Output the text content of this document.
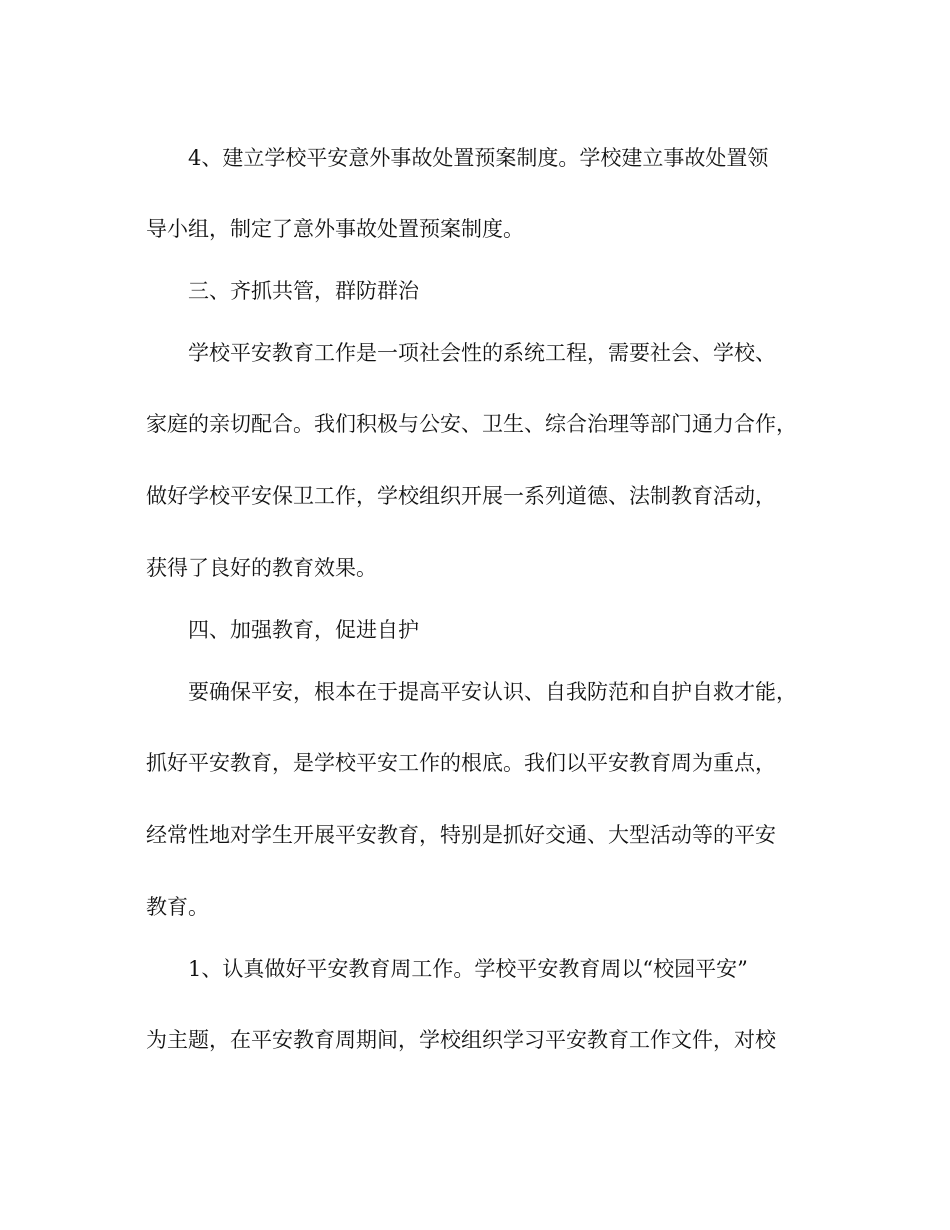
4、建立学校平安意外事故处置预案制度。学校建立事故处置领
导小组，制定了意外事故处置预案制度。
三、齐抓共管，群防群治
学校平安教育工作是一项社会性的系统工程，需要社会、学校、
家庭的亲切配合。我们积极与公安、卫生、综合治理等部门通力合作，
做好学校平安保卫工作，学校组织开展一系列道德、法制教育活动，
获得了良好的教育效果。
四、加强教育，促进自护
要确保平安，根本在于提高平安认识、自我防范和自护自救才能，
抓好平安教育，是学校平安工作的根底。我们以平安教育周为重点，
经常性地对学生开展平安教育，特别是抓好交通、大型活动等的平安
教育。
1、认真做好平安教育周工作。学校平安教育周以“校园平安”
为主题，在平安教育周期间，学校组织学习平安教育工作文件，对校
